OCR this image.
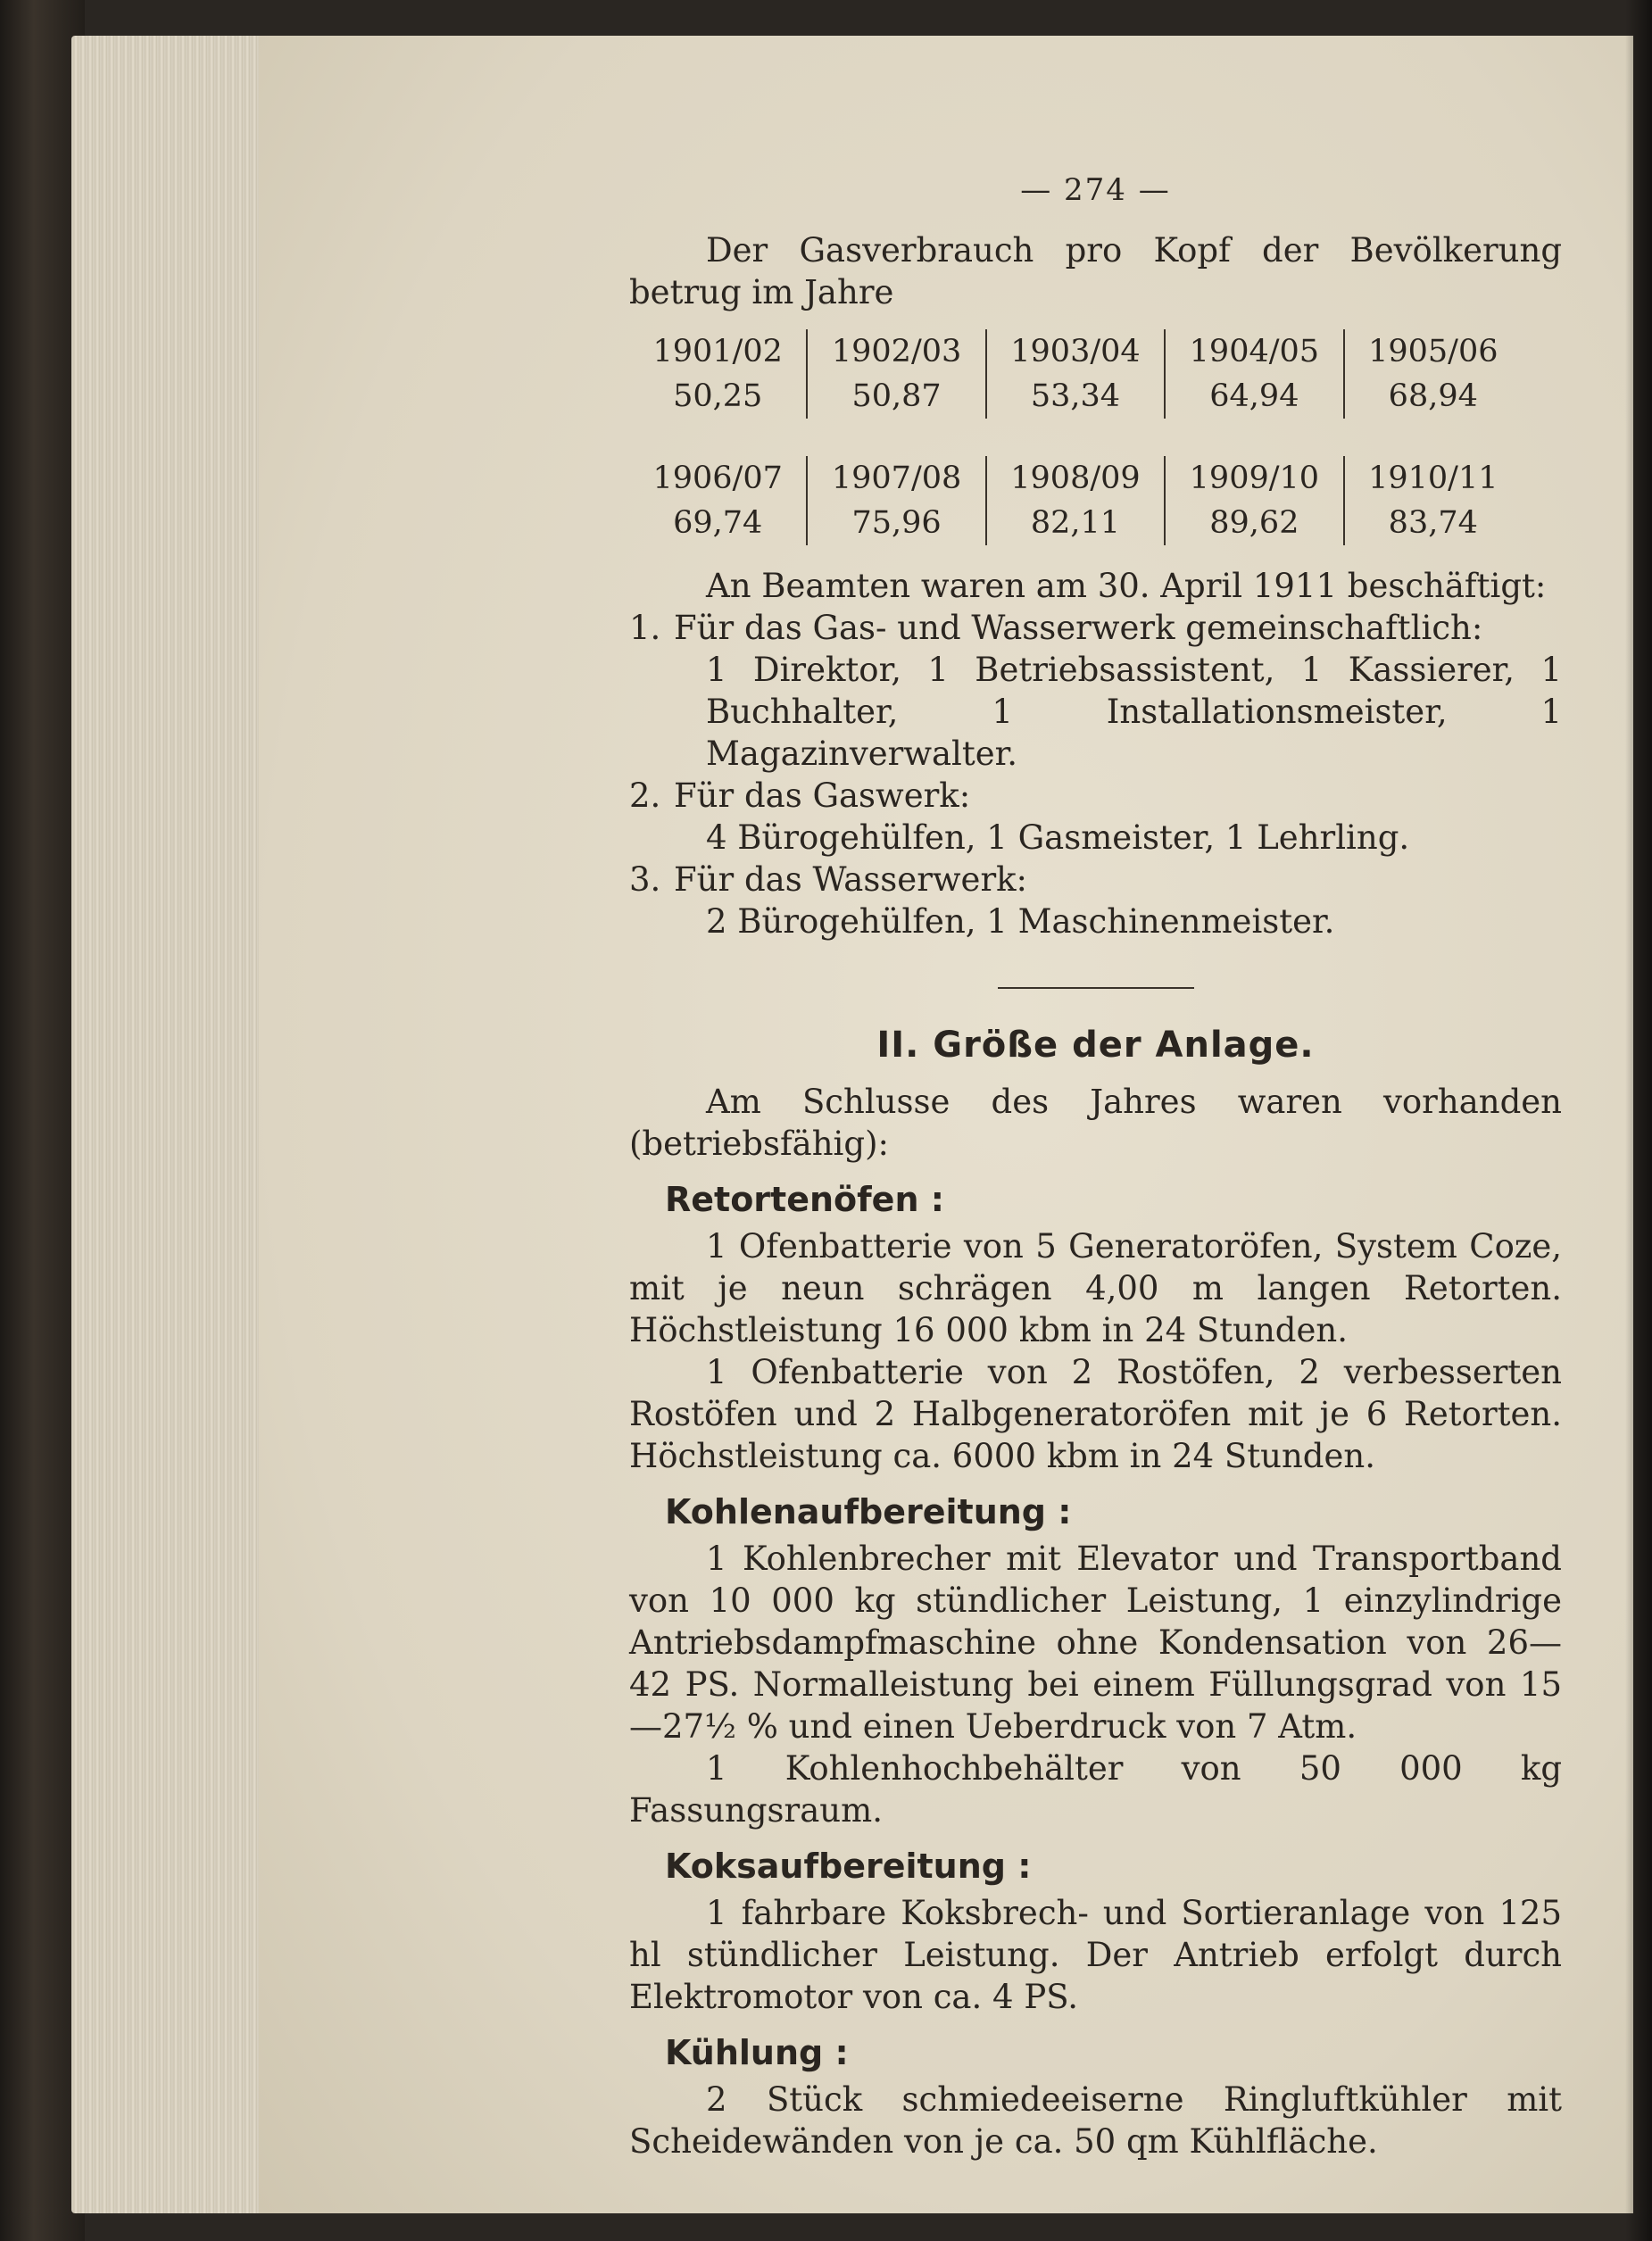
— 274 —

Der Gasverbrauch pro Kopf der Bevölkerung betrug im Jahre

1901/02	1902/03	1903/04	1904/05	1905/06
50,25	50,87	53,34	64,94	68,94
1906/07	1907/08	1908/09	1909/10	1910/11
69,74	75,96	82,11	89,62	83,74

An Beamten waren am 30. April 1911 beschäftigt:

1. Für das Gas- und Wasserwerk gemeinschaftlich:

1 Direktor, 1 Betriebsassistent, 1 Kassierer, 1 Buchhalter, 1 Installationsmeister, 1 Magazinverwalter.

2. Für das Gaswerk:

4 Bürogehülfen, 1 Gasmeister, 1 Lehrling.

3. Für das Wasserwerk:

2 Bürogehülfen, 1 Maschinenmeister.

II. Größe der Anlage.

Am Schlusse des Jahres waren vorhanden (betriebsfähig):

Retortenöfen :

1 Ofenbatterie von 5 Generatoröfen, System Coze, mit je neun schrägen 4,00 m langen Retorten. Höchstleistung 16 000 kbm in 24 Stunden.

1 Ofenbatterie von 2 Rostöfen, 2 verbesserten Rostöfen und 2 Halbgeneratoröfen mit je 6 Retorten. Höchstleistung ca. 6000 kbm in 24 Stunden.

Kohlenaufbereitung :

1 Kohlenbrecher mit Elevator und Transportband von 10 000 kg stündlicher Leistung, 1 einzylindrige Antriebsdampfmaschine ohne Kondensation von 26—42 PS. Normalleistung bei einem Füllungsgrad von 15—27½ % und einen Ueberdruck von 7 Atm.

1 Kohlenhochbehälter von 50 000 kg Fassungsraum.

Koksaufbereitung :

1 fahrbare Koksbrech- und Sortieranlage von 125 hl stündlicher Leistung. Der Antrieb erfolgt durch Elektromotor von ca. 4 PS.

Kühlung :

2 Stück schmiedeeiserne Ringluftkühler mit Scheidewänden von je ca. 50 qm Kühlfläche.
